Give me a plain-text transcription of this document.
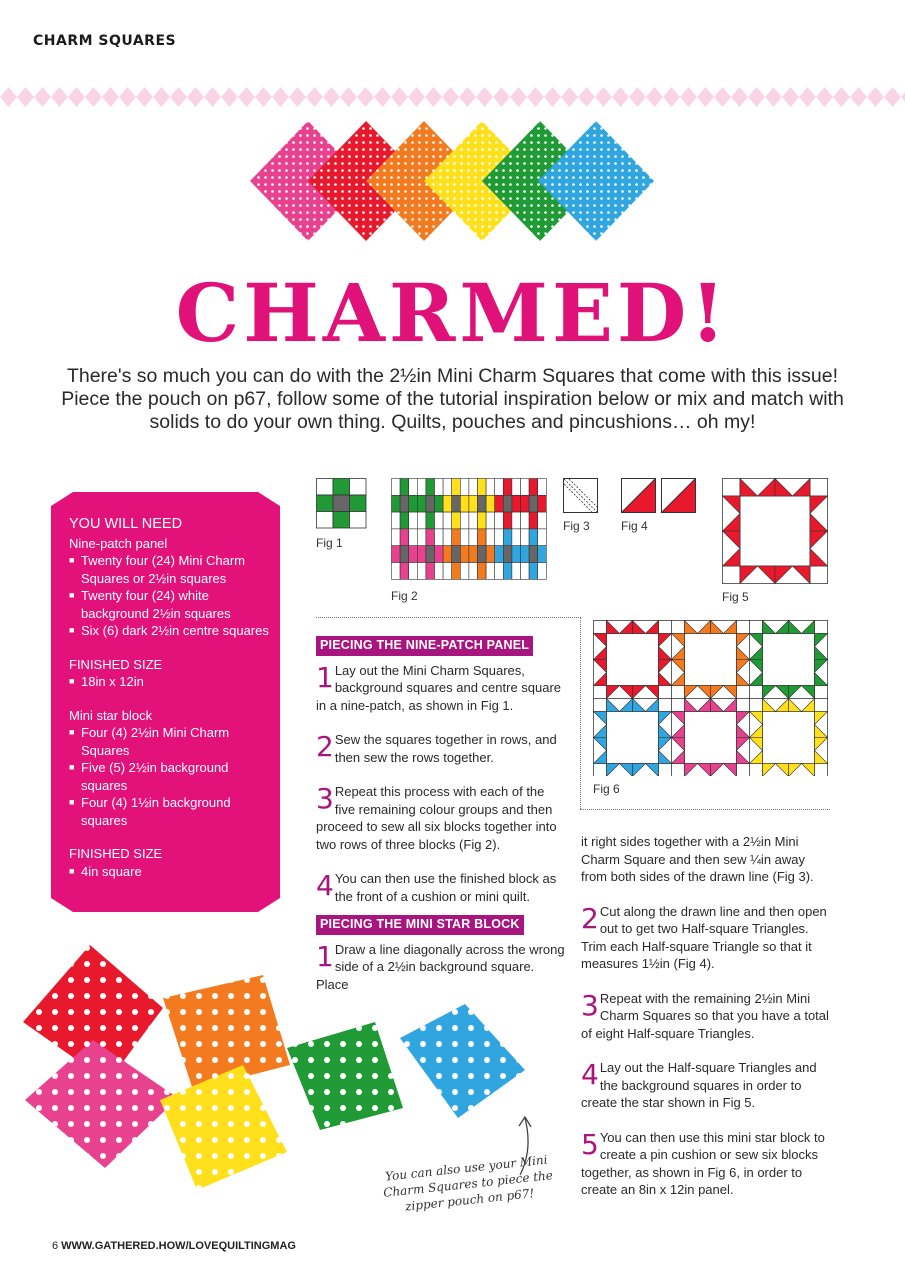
CHARM SQUARES
CHARMED!
There's so much you can do with the 2½in Mini Charm Squares that come with this issue! Piece the pouch on p67, follow some of the tutorial inspiration below or mix and match with solids to do your own thing. Quilts, pouches and pincushions… oh my!
YOU WILL NEED
Nine-patch panel
■ Twenty four (24) Mini Charm Squares or 2½in squares
■ Twenty four (24) white background 2½in squares
■ Six (6) dark 2½in centre squares
FINISHED SIZE
■ 18in x 12in
Mini star block
■ Four (4) 2½in Mini Charm Squares
■ Five (5) 2½in background squares
■ Four (4) 1½in background squares
FINISHED SIZE
■ 4in square
Fig 1
Fig 2
Fig 3	Fig 4
Fig 5
Fig 6
PIECING THE NINE-PATCH PANEL
1 Lay out the Mini Charm Squares, background squares and centre square in a nine-patch, as shown in Fig 1.
2 Sew the squares together in rows, and then sew the rows together.
3 Repeat this process with each of the five remaining colour groups and then proceed to sew all six blocks together into two rows of three blocks (Fig 2).
4 You can then use the finished block as the front of a cushion or mini quilt.
PIECING THE MINI STAR BLOCK
1 Draw a line diagonally across the wrong side of a 2½in background square. Place
it right sides together with a 2½in Mini Charm Square and then sew ¼in away from both sides of the drawn line (Fig 3).
2 Cut along the drawn line and then open out to get two Half-square Triangles. Trim each Half-square Triangle so that it measures 1½in (Fig 4).
3 Repeat with the remaining 2½in Mini Charm Squares so that you have a total of eight Half-square Triangles.
4 Lay out the Half-square Triangles and the background squares in order to create the star shown in Fig 5.
5 You can then use this mini star block to create a pin cushion or sew six blocks together, as shown in Fig 6, in order to create an 8in x 12in panel.
You can also use your Mini Charm Squares to piece the zipper pouch on p67!
6 WWW.GATHERED.HOW/LOVEQUILTINGMAG
